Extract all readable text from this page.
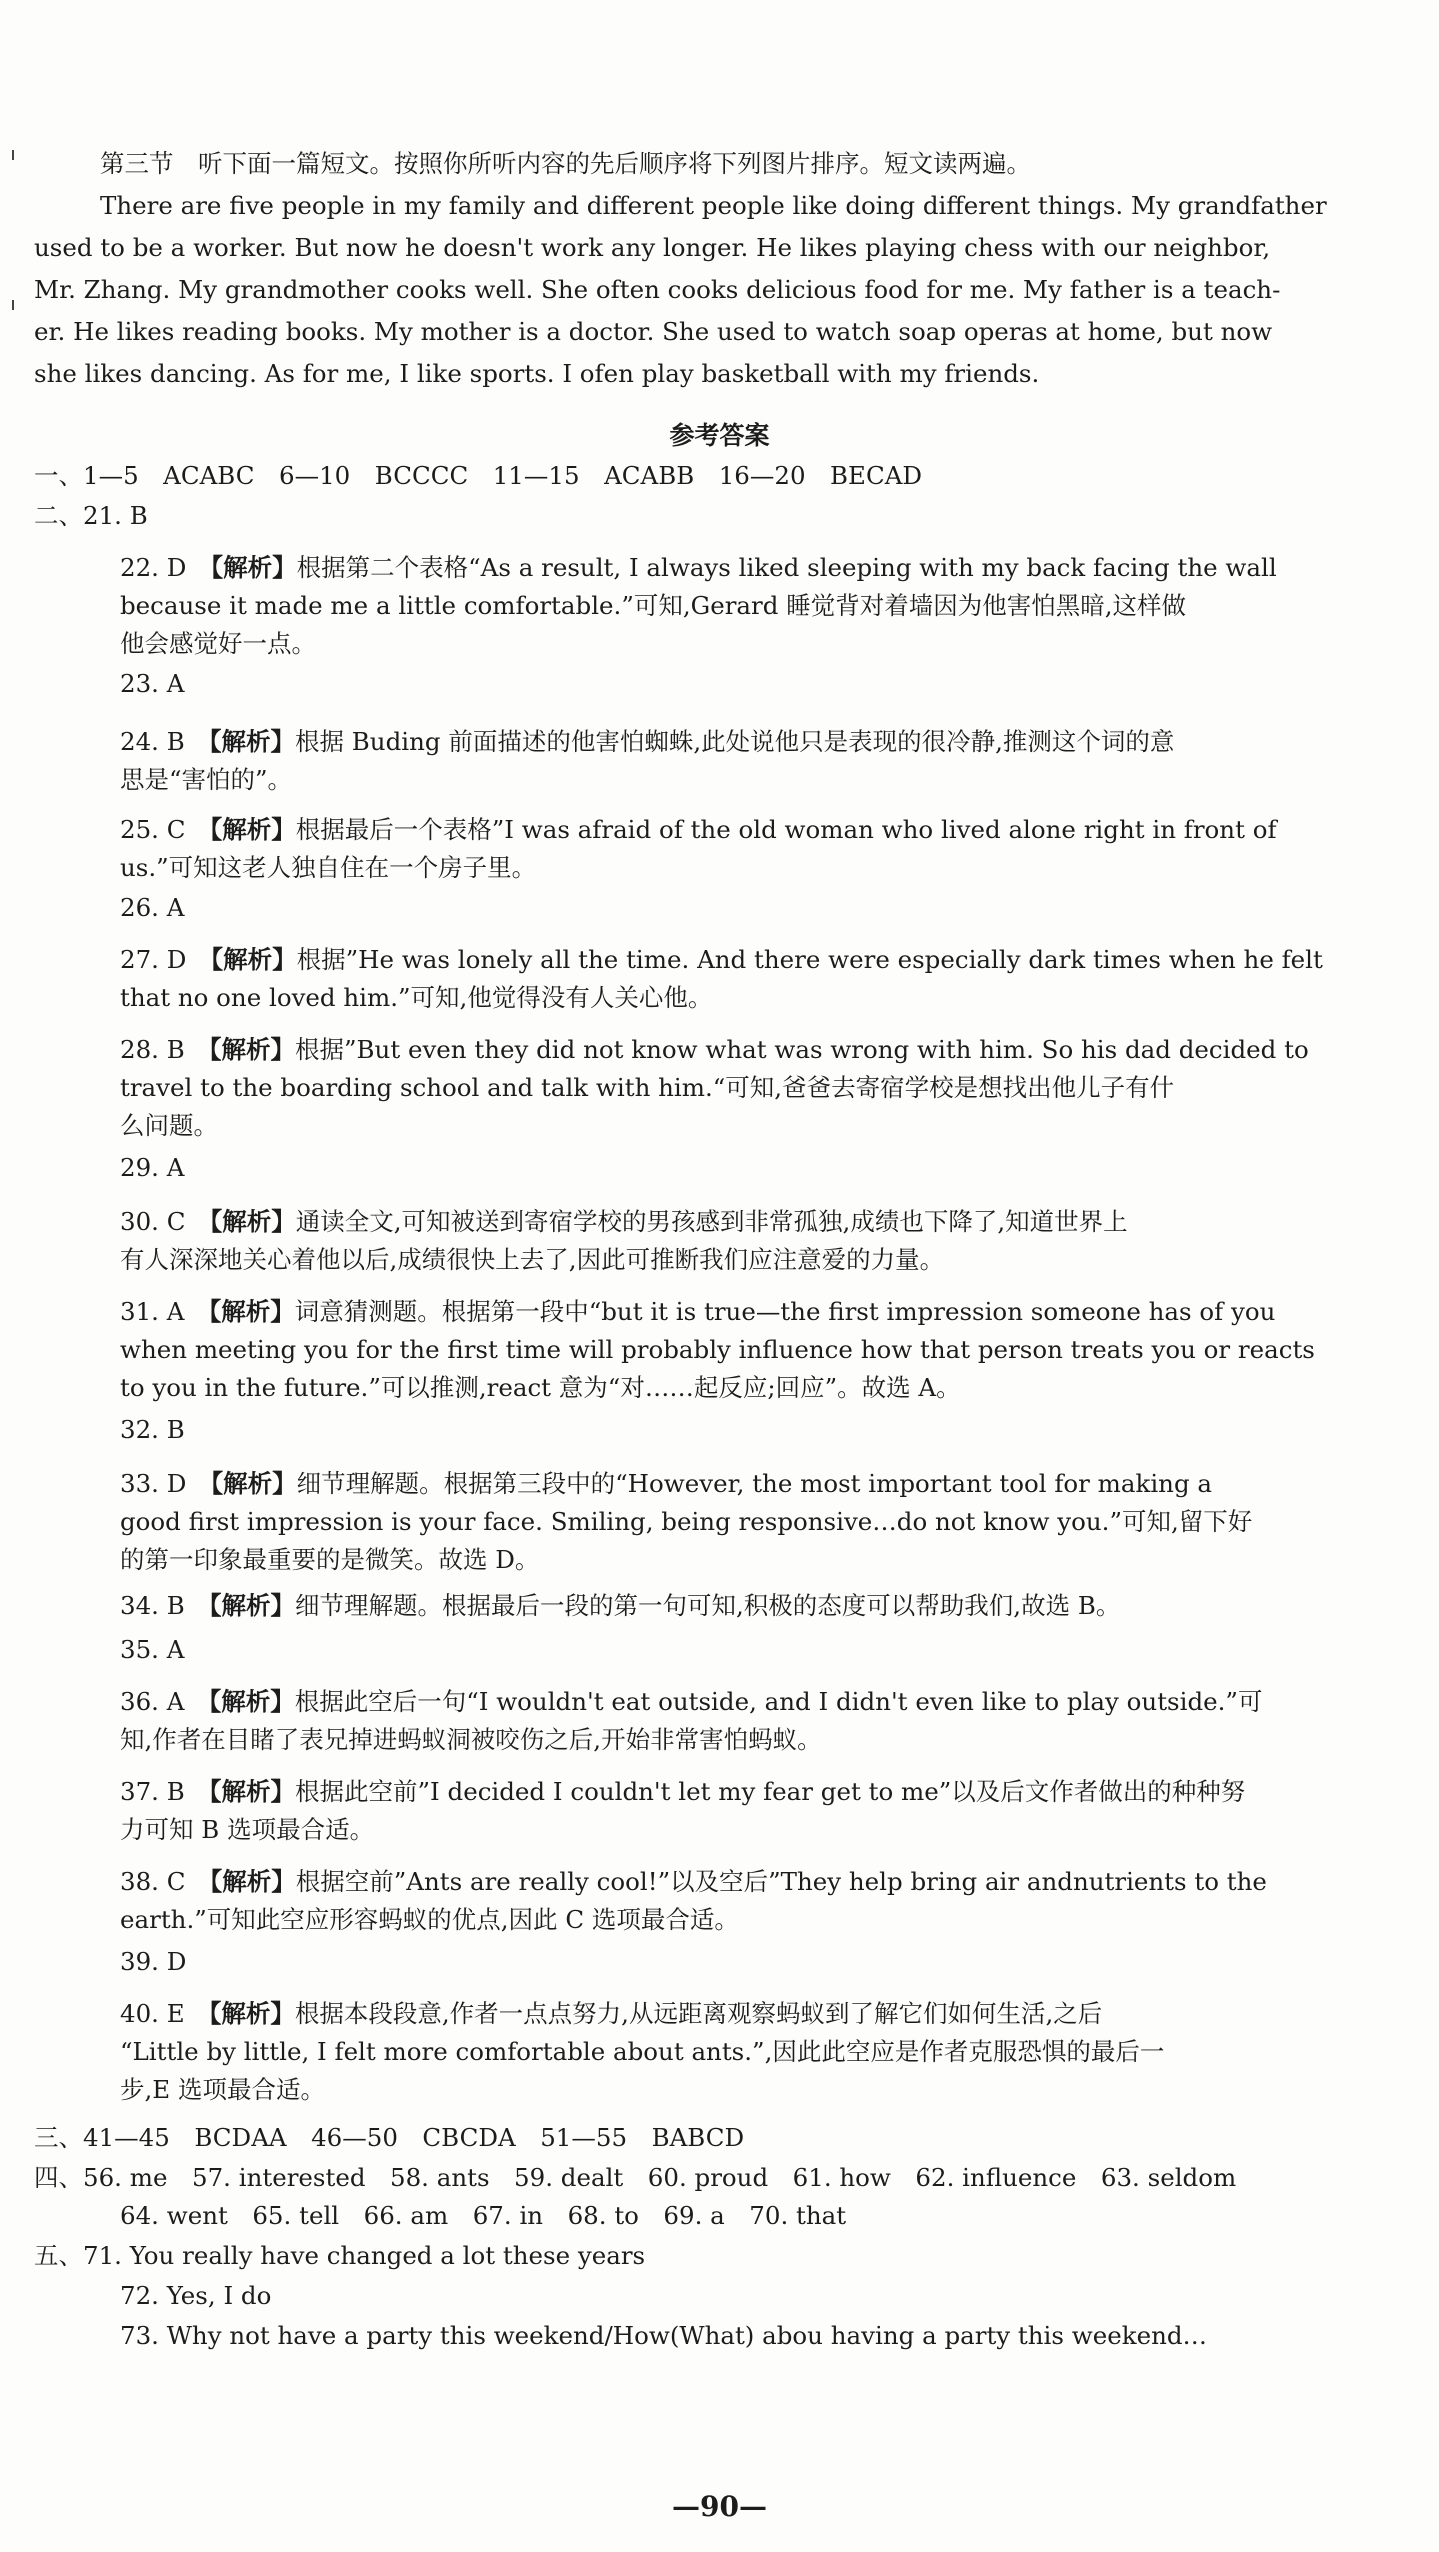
第三节　听下面一篇短文。按照你所听内容的先后顺序将下列图片排序。短文读两遍。
There are five people in my family and different people like doing different things. My grandfather
used to be a worker. But now he doesn't work any longer. He likes playing chess with our neighbor,
Mr. Zhang. My grandmother cooks well. She often cooks delicious food for me. My father is a teach-
er. He likes reading books. My mother is a doctor. She used to watch soap operas at home, but now
she likes dancing. As for me, I like sports. I ofen play basketball with my friends.
参考答案
一、1—5　ACABC　6—10　BCCCC　11—15　ACABB　16—20　BECAD
二、21. B
22. D　 【解析】根据第二个表格“As a result, I always liked sleeping with my back facing the wall
because it made me a little comfortable.”可知,Gerard 睡觉背对着墙因为他害怕黑暗,这样做
他会感觉好一点。
23. A
24. B　 【解析】根据 Buding 前面描述的他害怕蜘蛛,此处说他只是表现的很冷静,推测这个词的意
思是“害怕的”。
25. C　 【解析】根据最后一个表格”I was afraid of the old woman who lived alone right in front of
us.”可知这老人独自住在一个房子里。
26. A
27. D　 【解析】根据”He was lonely all the time. And there were especially dark times when he felt
that no one loved him.”可知,他觉得没有人关心他。
28. B　 【解析】根据”But even they did not know what was wrong with him. So his dad decided to
travel to the boarding school and talk with him.“可知,爸爸去寄宿学校是想找出他儿子有什
么问题。
29. A
30. C　 【解析】通读全文,可知被送到寄宿学校的男孩感到非常孤独,成绩也下降了,知道世界上
有人深深地关心着他以后,成绩很快上去了,因此可推断我们应注意爱的力量。
31. A　 【解析】词意猜测题。根据第一段中“but it is true—the first impression someone has of you
when meeting you for the first time will probably influence how that person treats you or reacts
to you in the future.”可以推测,react 意为“对……起反应;回应”。故选 A。
32. B
33. D　 【解析】细节理解题。根据第三段中的“However, the most important tool for making a
good first impression is your face. Smiling, being responsive…do not know you.”可知,留下好
的第一印象最重要的是微笑。故选 D。
34. B　 【解析】细节理解题。根据最后一段的第一句可知,积极的态度可以帮助我们,故选 B。
35. A
36. A　 【解析】根据此空后一句“I wouldn't eat outside, and I didn't even like to play outside.”可
知,作者在目睹了表兄掉进蚂蚁洞被咬伤之后,开始非常害怕蚂蚁。
37. B　 【解析】根据此空前”I decided I couldn't let my fear get to me”以及后文作者做出的种种努
力可知 B 选项最合适。
38. C　 【解析】根据空前”Ants are really cool!”以及空后”They help bring air andnutrients to the
earth.”可知此空应形容蚂蚁的优点,因此 C 选项最合适。
39. D
40. E　 【解析】根据本段段意,作者一点点努力,从远距离观察蚂蚁到了解它们如何生活,之后
“Little by little, I felt more comfortable about ants.”,因此此空应是作者克服恐惧的最后一
步,E 选项最合适。
三、41—45　BCDAA　46—50　CBCDA　51—55　BABCD
四、56. me　57. interested　58. ants　59. dealt　60. proud　61. how　62. influence　63. seldom
64. went　65. tell　66. am　67. in　68. to　69. a　70. that
五、71. You really have changed a lot these years
72. Yes, I do
73. Why not have a party this weekend/How(What) abou having a party this weekend…
—90—
